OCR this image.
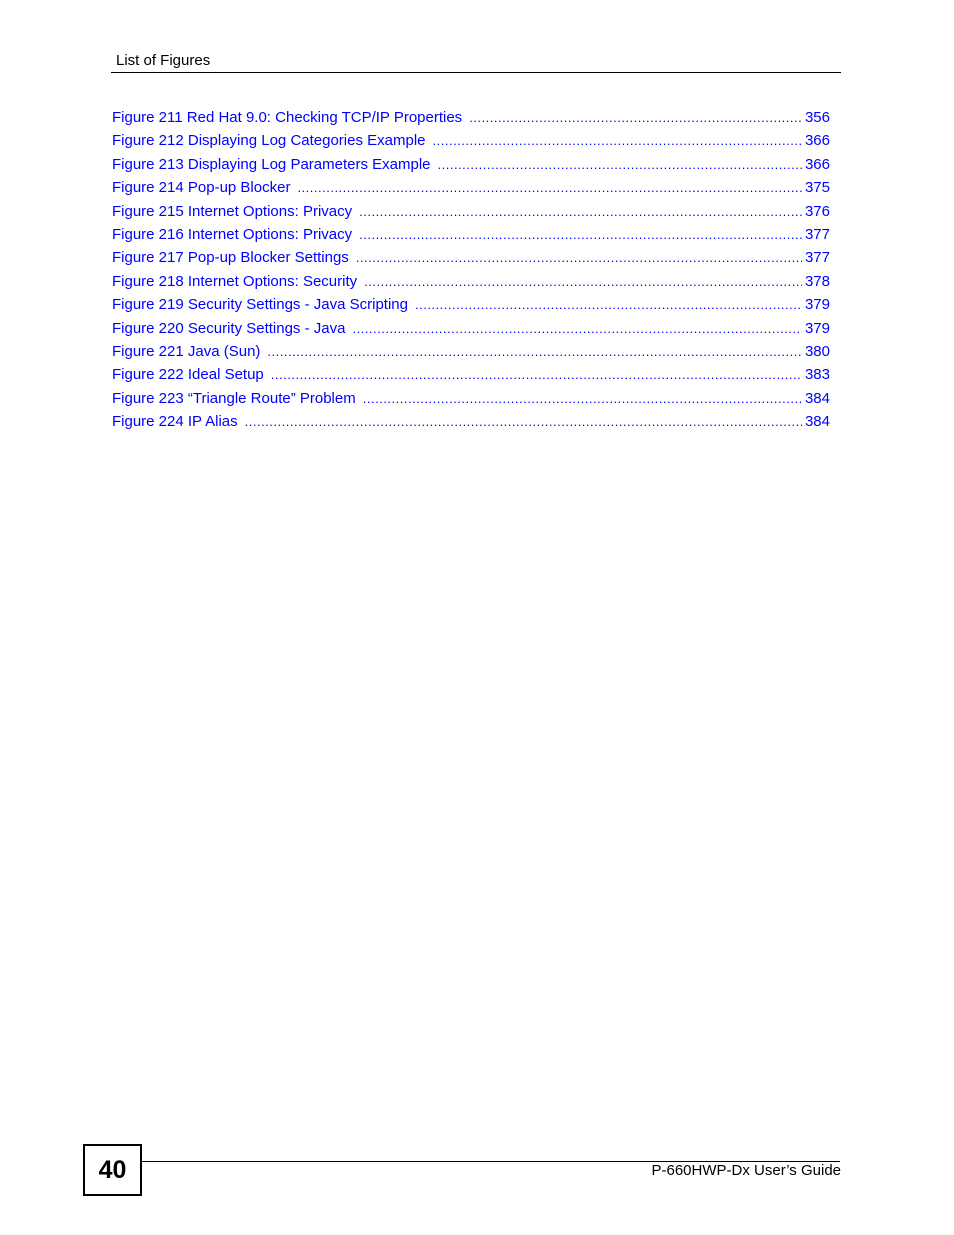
List of Figures
Figure 211 Red Hat 9.0: Checking TCP/IP Properties .....	356
Figure 212 Displaying Log Categories Example .....	366
Figure 213 Displaying Log Parameters Example .....	366
Figure 214 Pop-up Blocker .....	375
Figure 215 Internet Options: Privacy .....	376
Figure 216 Internet Options: Privacy .....	377
Figure 217 Pop-up Blocker Settings .....	377
Figure 218 Internet Options: Security .....	378
Figure 219 Security Settings - Java Scripting .....	379
Figure 220 Security Settings - Java .....	379
Figure 221 Java (Sun) .....	380
Figure 222 Ideal Setup .....	383
Figure 223 “Triangle Route” Problem .....	384
Figure 224 IP Alias .....	384
40	P-660HWP-Dx User’s Guide
